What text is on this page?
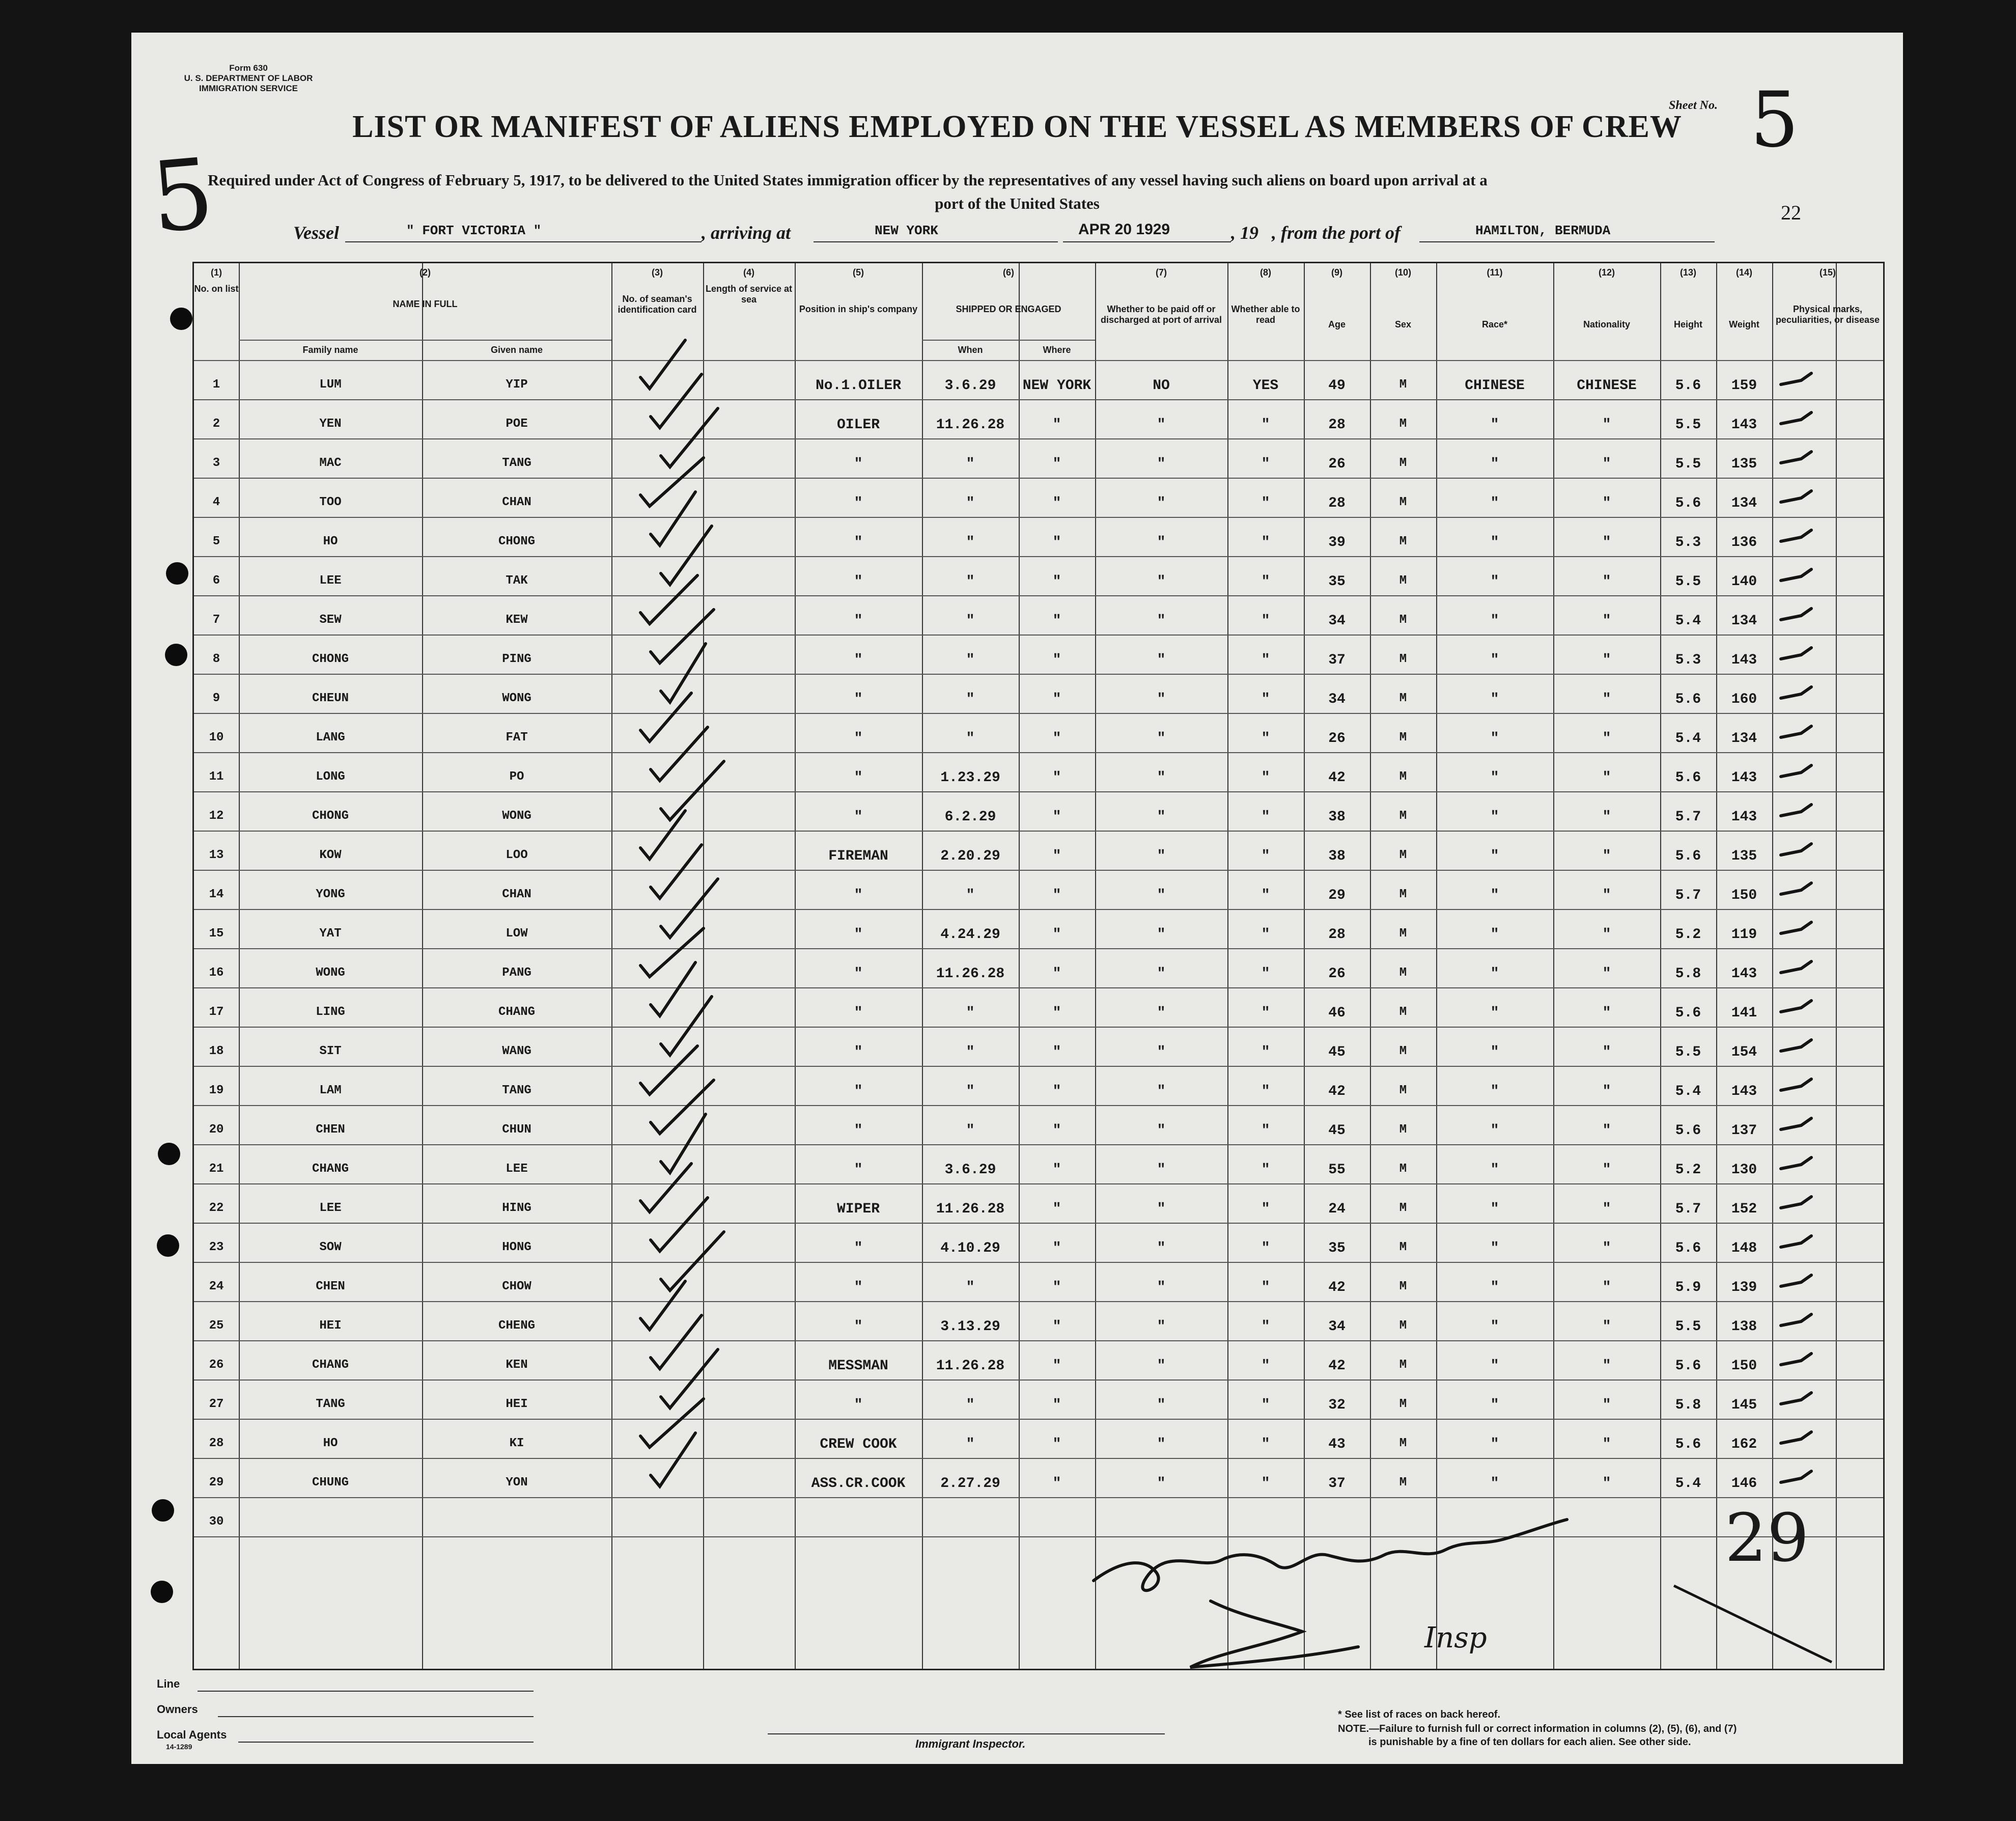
Form 630
U. S. DEPARTMENT OF LABOR
IMMIGRATION SERVICE
5
LIST OR MANIFEST OF ALIENS EMPLOYED ON THE VESSEL AS MEMBERS OF CREW
Sheet No. 5
Required under Act of Congress of February 5, 1917, to be delivered to the United States immigration officer by the representatives of any vessel having such aliens on board upon arrival at a
port of the United States
Vessel	" FORT VICTORIA "	, arriving at	NEW YORK	APR 20 1929	, 19 , from the port of	HAMILTON, BERMUDA
22
(1)
No. on list
(2)
NAME IN FULL
Family name	Given name
(3)
No. of seaman's identification card
(4)
Length of service at sea
(5)
Position in ship's company
(6)
SHIPPED OR ENGAGED
When	Where
(7)
Whether to be paid off or discharged at port of arrival
(8)
Whether able to read
(9)
Age
(10)
Sex
(11)
Race*
(12)
Nationality
(13)
Height
(14)
Weight
(15)
Physical marks, peculiarities, or disease
1	LUM	YIP	No.1.OILER	3.6.29	NEW YORK	NO	YES	49	M	CHINESE	CHINESE	5.6	159
2	YEN	POE	OILER	11.26.28	"	"	"	28	M	"	"	5.5	143
3	MAC	TANG	"	"	"	"	"	26	M	"	"	5.5	135
4	TOO	CHAN	"	"	"	"	"	28	M	"	"	5.6	134
5	HO	CHONG	"	"	"	"	"	39	M	"	"	5.3	136
6	LEE	TAK	"	"	"	"	"	35	M	"	"	5.5	140
7	SEW	KEW	"	"	"	"	"	34	M	"	"	5.4	134
8	CHONG	PING	"	"	"	"	"	37	M	"	"	5.3	143
9	CHEUN	WONG	"	"	"	"	"	34	M	"	"	5.6	160
10	LANG	FAT	"	"	"	"	"	26	M	"	"	5.4	134
11	LONG	PO	"	1.23.29	"	"	"	42	M	"	"	5.6	143
12	CHONG	WONG	"	6.2.29	"	"	"	38	M	"	"	5.7	143
13	KOW	LOO	FIREMAN	2.20.29	"	"	"	38	M	"	"	5.6	135
14	YONG	CHAN	"	"	"	"	"	29	M	"	"	5.7	150
15	YAT	LOW	"	4.24.29	"	"	"	28	M	"	"	5.2	119
16	WONG	PANG	"	11.26.28	"	"	"	26	M	"	"	5.8	143
17	LING	CHANG	"	"	"	"	"	46	M	"	"	5.6	141
18	SIT	WANG	"	"	"	"	"	45	M	"	"	5.5	154
19	LAM	TANG	"	"	"	"	"	42	M	"	"	5.4	143
20	CHEN	CHUN	"	"	"	"	"	45	M	"	"	5.6	137
21	CHANG	LEE	"	3.6.29	"	"	"	55	M	"	"	5.2	130
22	LEE	HING	WIPER	11.26.28	"	"	"	24	M	"	"	5.7	152
23	SOW	HONG	"	4.10.29	"	"	"	35	M	"	"	5.6	148
24	CHEN	CHOW	"	"	"	"	"	42	M	"	"	5.9	139
25	HEI	CHENG	"	3.13.29	"	"	"	34	M	"	"	5.5	138
26	CHANG	KEN	MESSMAN	11.26.28	"	"	"	42	M	"	"	5.6	150
27	TANG	HEI	"	"	"	"	"	32	M	"	"	5.8	145
28	HO	KI	CREW COOK	"	"	"	"	43	M	"	"	5.6	162
29	CHUNG	YON	ASS.CR.COOK	2.27.29	"	"	"	37	M	"	"	5.4	146
30
Insp
29
Line
Owners
Local Agents
14-1289	Immigrant Inspector.
* See list of races on back hereof.
NOTE.—Failure to furnish full or correct information in columns (2), (5), (6), and (7)
is punishable by a fine of ten dollars for each alien. See other side.
